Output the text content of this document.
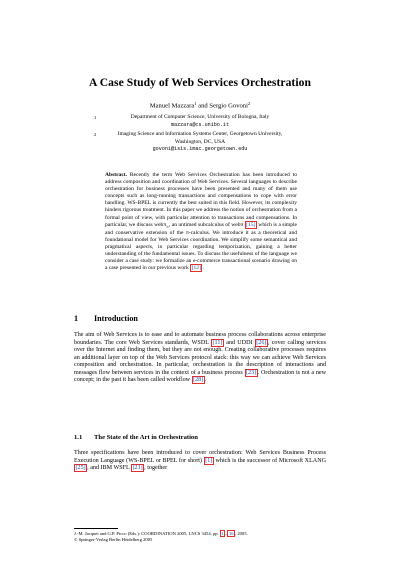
A Case Study of Web Services Orchestration
Manuel Mazzara$^1$ and Sergio Govoni$^2$
1	Department of Computer Science, University of Bologna, Italy
mazzara@cs.unibo.it
2	Imaging Science and Information Systems Center, Georgetown University,
Washington, DC, USA
govoni@isis.imac.georgetown.edu

Abstract. Recently the term Web Services Orchestration has been introduced to address composition and coordination of Web Services. Several languages to describe orchestration for business processes have been presented and many of them use concepts such as long-running transactions and compensations to cope with error handling. WS-BPEL is currently the best suited in this field. However, its complexity hinders rigorous treatment. In this paper we address the notion of orchestration from a formal point of view, with particular attention to transactions and compensations. In particular, we discuss webπ$_\infty$, an untimed subcalculus of webπ [15] which is a simple and conservative extension of the π-calculus. We introduce it as a theoretical and foundational model for Web Services coordination. We simplify some semantical and pragmatical aspects, in particular regarding temporization, gaining a better understanding of the fundamental issues. To discuss the usefulness of the language we consider a case study: we formalize an e-commerce transactional scenario drawing on a case presented in our previous work [12] .

1 Introduction

The aim of Web Services is to ease and to automate business process collaborations across enterprise boundaries. The core Web Services standards, WSDL [11] and UDDI [26] , cover calling services over the Internet and finding them, but they are not enough. Creating collaborative processes requires an additional layer on top of the Web Services protocol stack: this way we can achieve Web Services composition and orchestration. In particular, orchestration is the description of interactions and messages flow between services in the context of a business process [23] . Orchestration is not a new concept; in the past it has been called workflow [28] .

1.1 The State of the Art in Orchestration

Three specifications have been introduced to cover orchestration: Web Services Business Process Execution Language (WS-BPEL or BPEL for short) [1] which is the successor of Microsoft XLANG [25] , and IBM WSFL [21] , together

J.-M. Jacquet and G.P. Picco (Eds.): COORDINATION 2005, LNCS 3454, pp. 1 – 16 , 2005.
© Springer-Verlag Berlin Heidelberg 2005
